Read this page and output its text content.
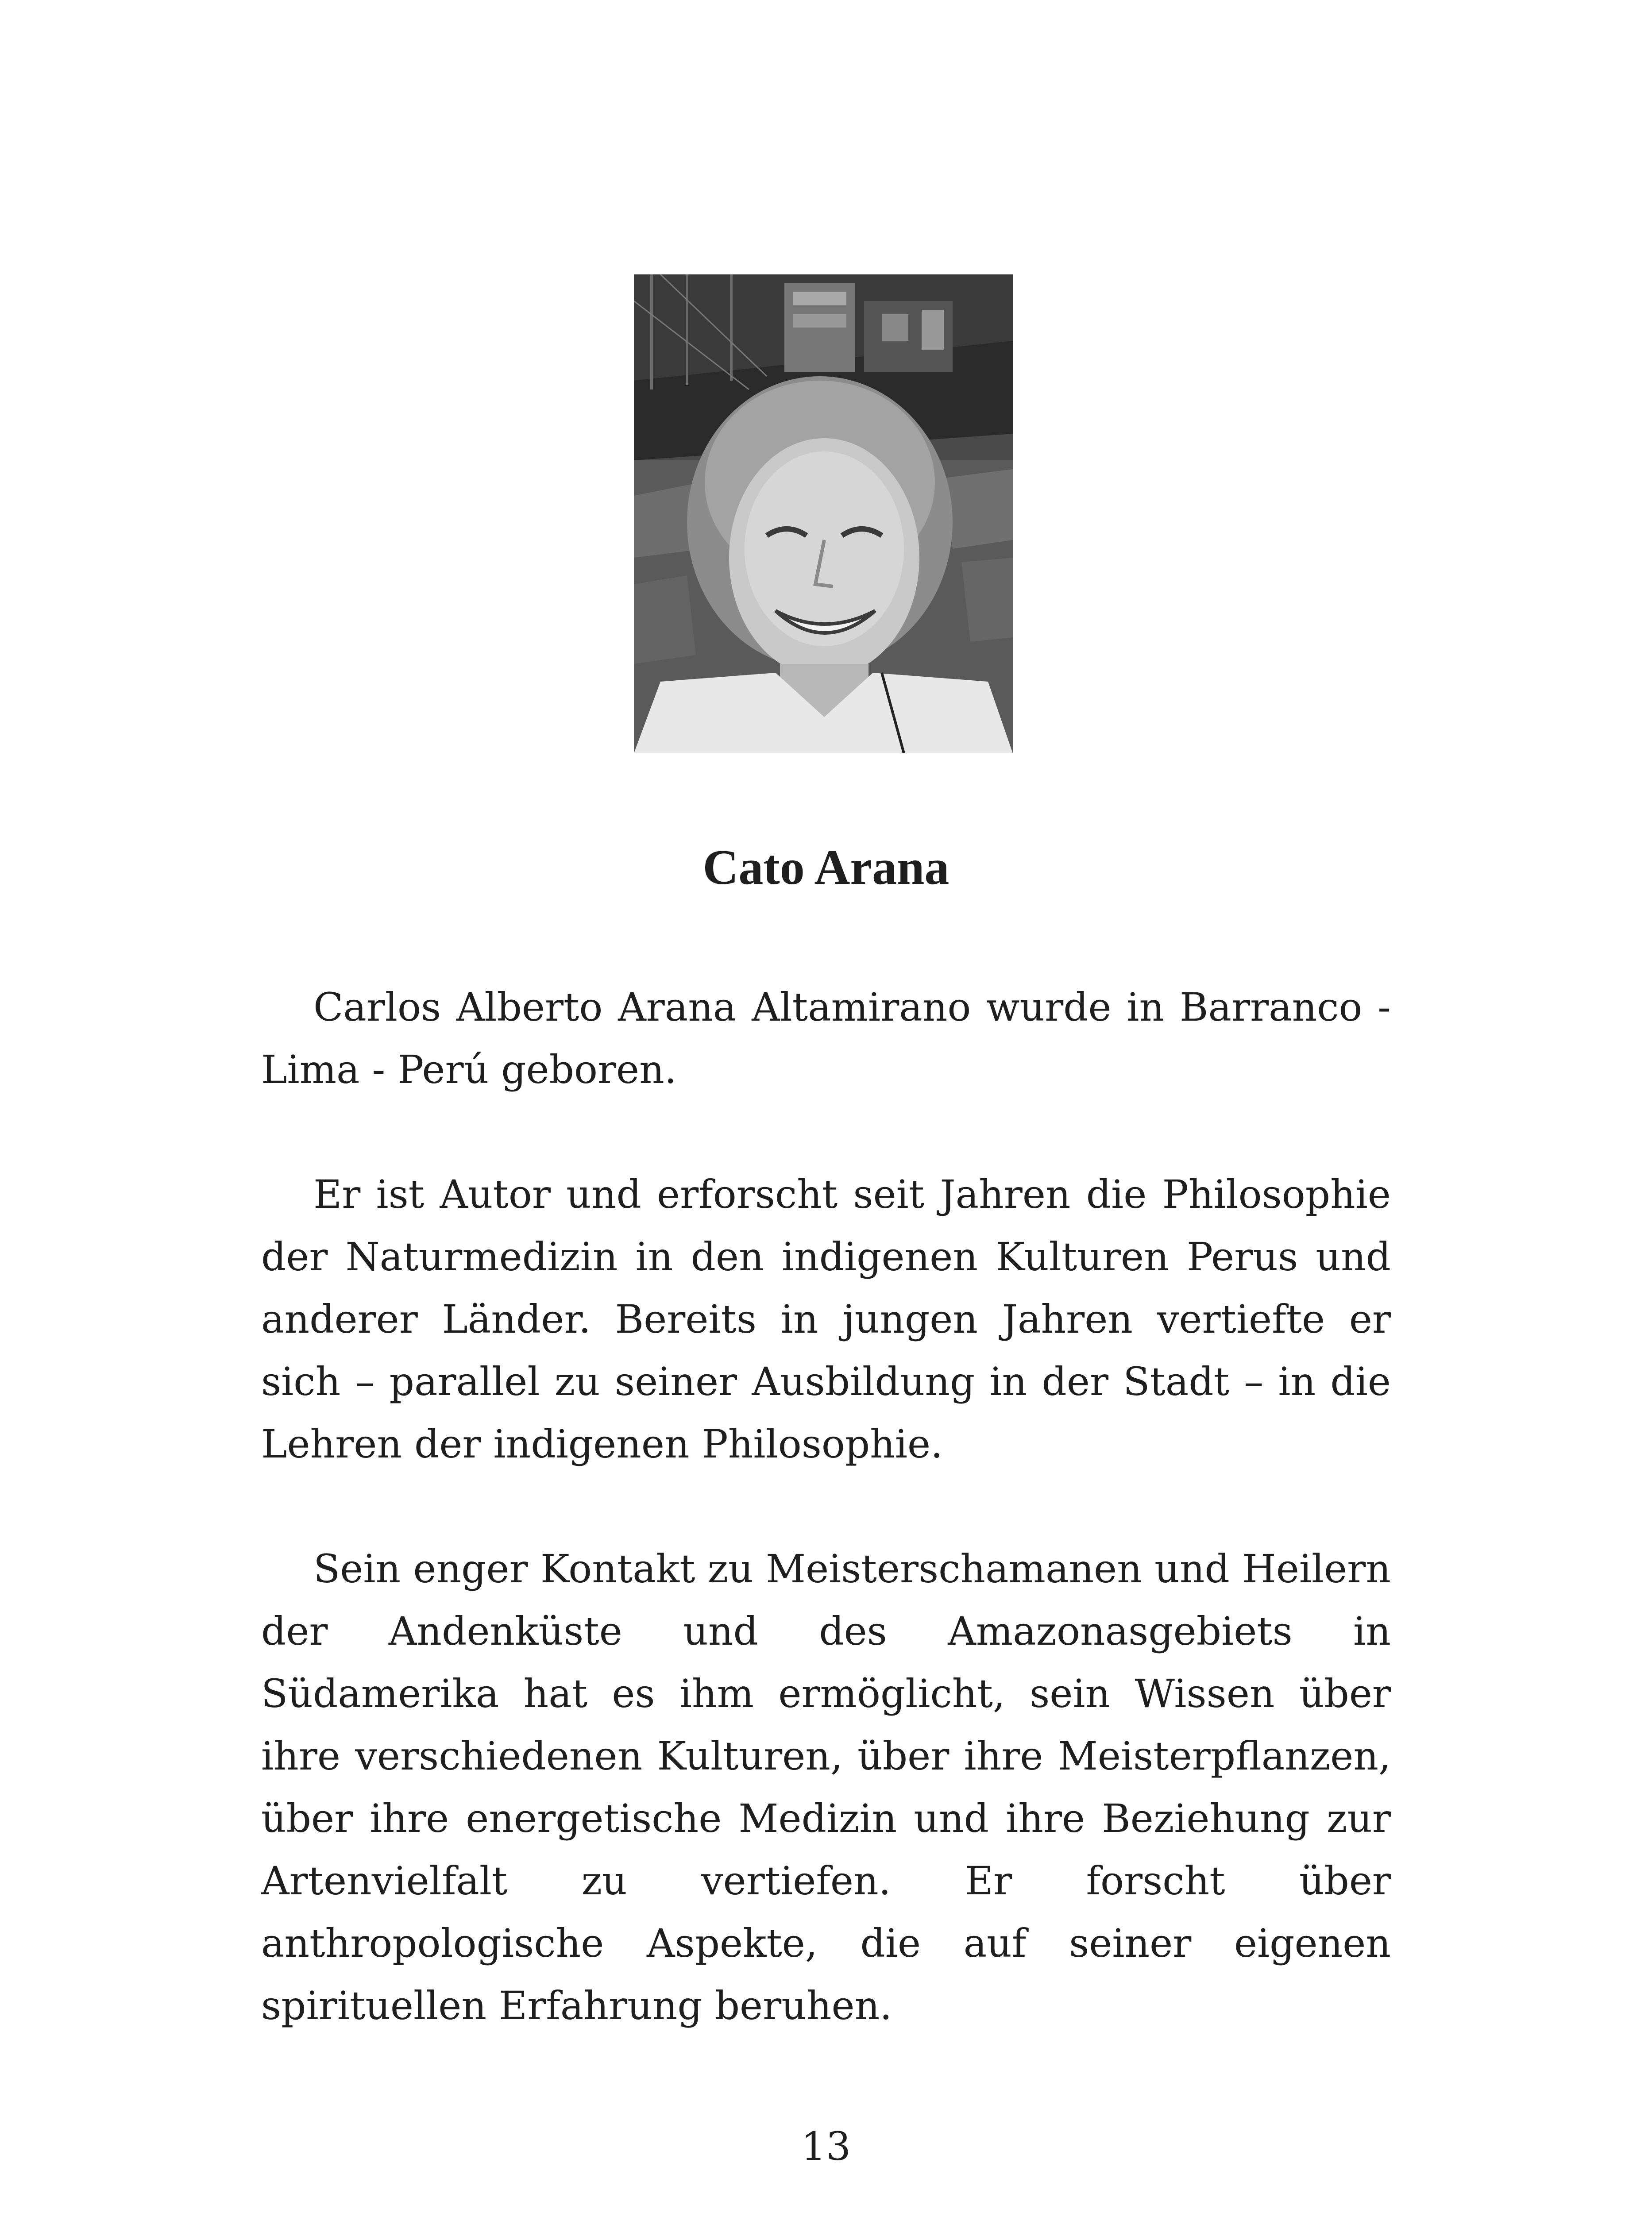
Cato Arana

Carlos Alberto Arana Altamirano wurde in Barranco - Lima - Perú geboren.

Er ist Autor und erforscht seit Jahren die Philosophie der Naturmedizin in den indigenen Kulturen Perus und anderer Länder. Bereits in jungen Jahren vertiefte er sich – parallel zu seiner Ausbildung in der Stadt – in die Lehren der indigenen Philosophie.

Sein enger Kontakt zu Meisterschamanen und Heilern der Andenküste und des Amazonasgebiets in Südamerika hat es ihm ermöglicht, sein Wissen über ihre verschiedenen Kulturen, über ihre Meisterpflanzen, über ihre energetische Medizin und ihre Beziehung zur Artenvielfalt zu vertiefen. Er forscht über anthropologische Aspekte, die auf seiner eigenen spirituellen Erfahrung beruhen.

13
